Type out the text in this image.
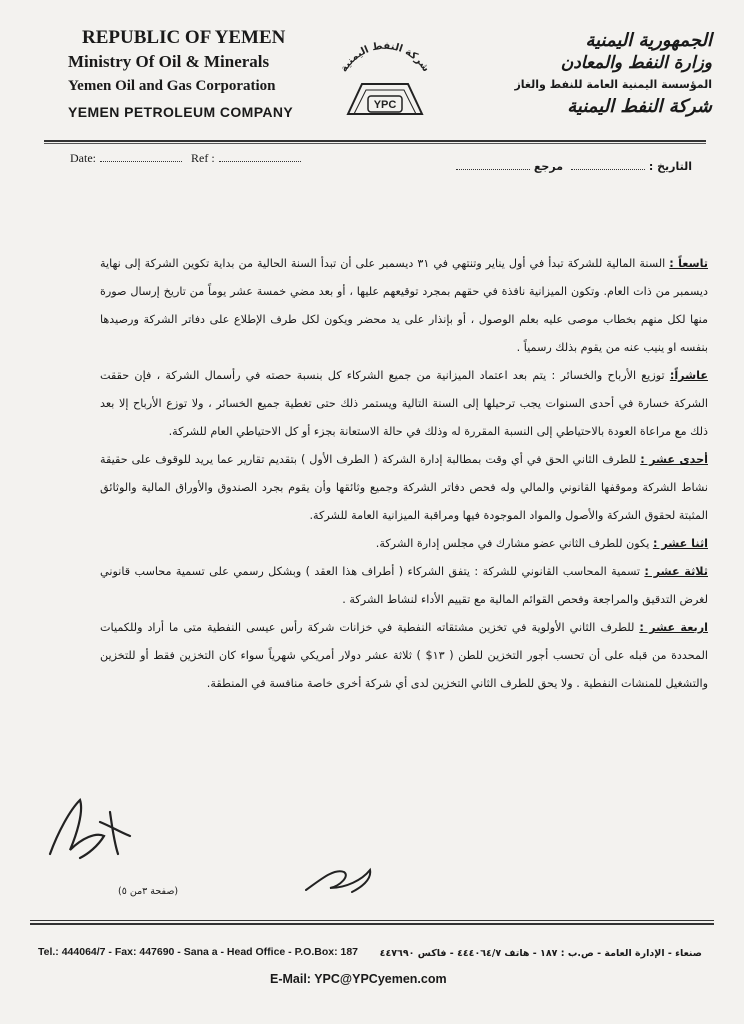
REPUBLIC OF YEMEN
Ministry Of Oil & Minerals
Yemen Oil and Gas Corporation
YEMEN PETROLEUM COMPANY
شركة النفط اليمنية
YPC
الجمهورية اليمنية
وزارة النفط والمعادن
المؤسسة اليمنية العامة للنفط والغاز
شركة النفط اليمنية
Date:	Ref :
التاريخ : مرجع

تاسعاً : السنة المالية للشركة تبدأ في أول يناير وتنتهي في ٣١ ديسمبر على أن تبدأ السنة الحالية من بداية تكوين الشركة إلى نهاية ديسمبر من ذات العام. وتكون الميزانية نافذة في حقهم بمجرد توقيعهم عليها ، أو بعد مضي خمسة عشر يوماً من تاريخ إرسال صورة منها لكل منهم بخطاب موصى عليه بعلم الوصول ، أو بإنذار على يد محضر ويكون لكل طرف الإطلاع على دفاتر الشركة ورصيدها بنفسه او ينيب عنه من يقوم بذلك رسمياً .

عاشراً: توزيع الأرباح والخسائر : يتم بعد اعتماد الميزانية من جميع الشركاء كل بنسبة حصته في رأسمال الشركة ، فإن حققت الشركة خسارة في أحدى السنوات يجب ترحيلها إلى السنة التالية ويستمر ذلك حتى تغطية جميع الخسائر ، ولا توزع الأرباح إلا بعد ذلك مع مراعاة العودة بالاحتياطي إلى النسبة المقررة له وذلك في حالة الاستعانة بجزء أو كل الاحتياطي العام للشركة.

أحدى عشر : للطرف الثاني الحق في أي وقت بمطالبة إدارة الشركة ( الطرف الأول ) بتقديم تقارير عما يريد للوقوف على حقيقة نشاط الشركة وموقفها القانوني والمالي وله فحص دفاتر الشركة وجميع وثائقها وأن يقوم بجرد الصندوق والأوراق المالية والوثائق المثبتة لحقوق الشركة والأصول والمواد الموجودة فيها ومراقبة الميزانية العامة للشركة.

اثنا عشر : يكون للطرف الثاني عضو مشارك في مجلس إدارة الشركة.

ثلاثة عشر : تسمية المحاسب القانوني للشركة : يتفق الشركاء ( أطراف هذا العقد ) وبشكل رسمي على تسمية محاسب قانوني لغرض التدقيق والمراجعة وفحص القوائم المالية مع تقييم الأداء لنشاط الشركة .

اربعة عشر : للطرف الثاني الأولوية في تخزين مشتقاته النفطية في خزانات شركة رأس عيسى النفطية متى ما أراد وللكميات المحددة من قبله على أن تحسب أجور التخزين للطن ( ١٣$ ) ثلاثة عشر دولار أمريكي شهرياً سواء كان التخزين فقط أو للتخزين والتشغيل للمنشات النفطية . ولا يحق للطرف الثاني التخزين لدى أي شركة أخرى خاصة منافسة في المنطقة.

(صفحة ٣من ٥)
Tel.: 444064/7 - Fax: 447690 - Sana a - Head Office - P.O.Box: 187 صنعاء - الإدارة العامة - ص.ب : ١٨٧ - هاتف ٤٤٤٠٦٤/٧ - فاكس ٤٤٧٦٩٠
E-Mail: YPC@YPCyemen.com
